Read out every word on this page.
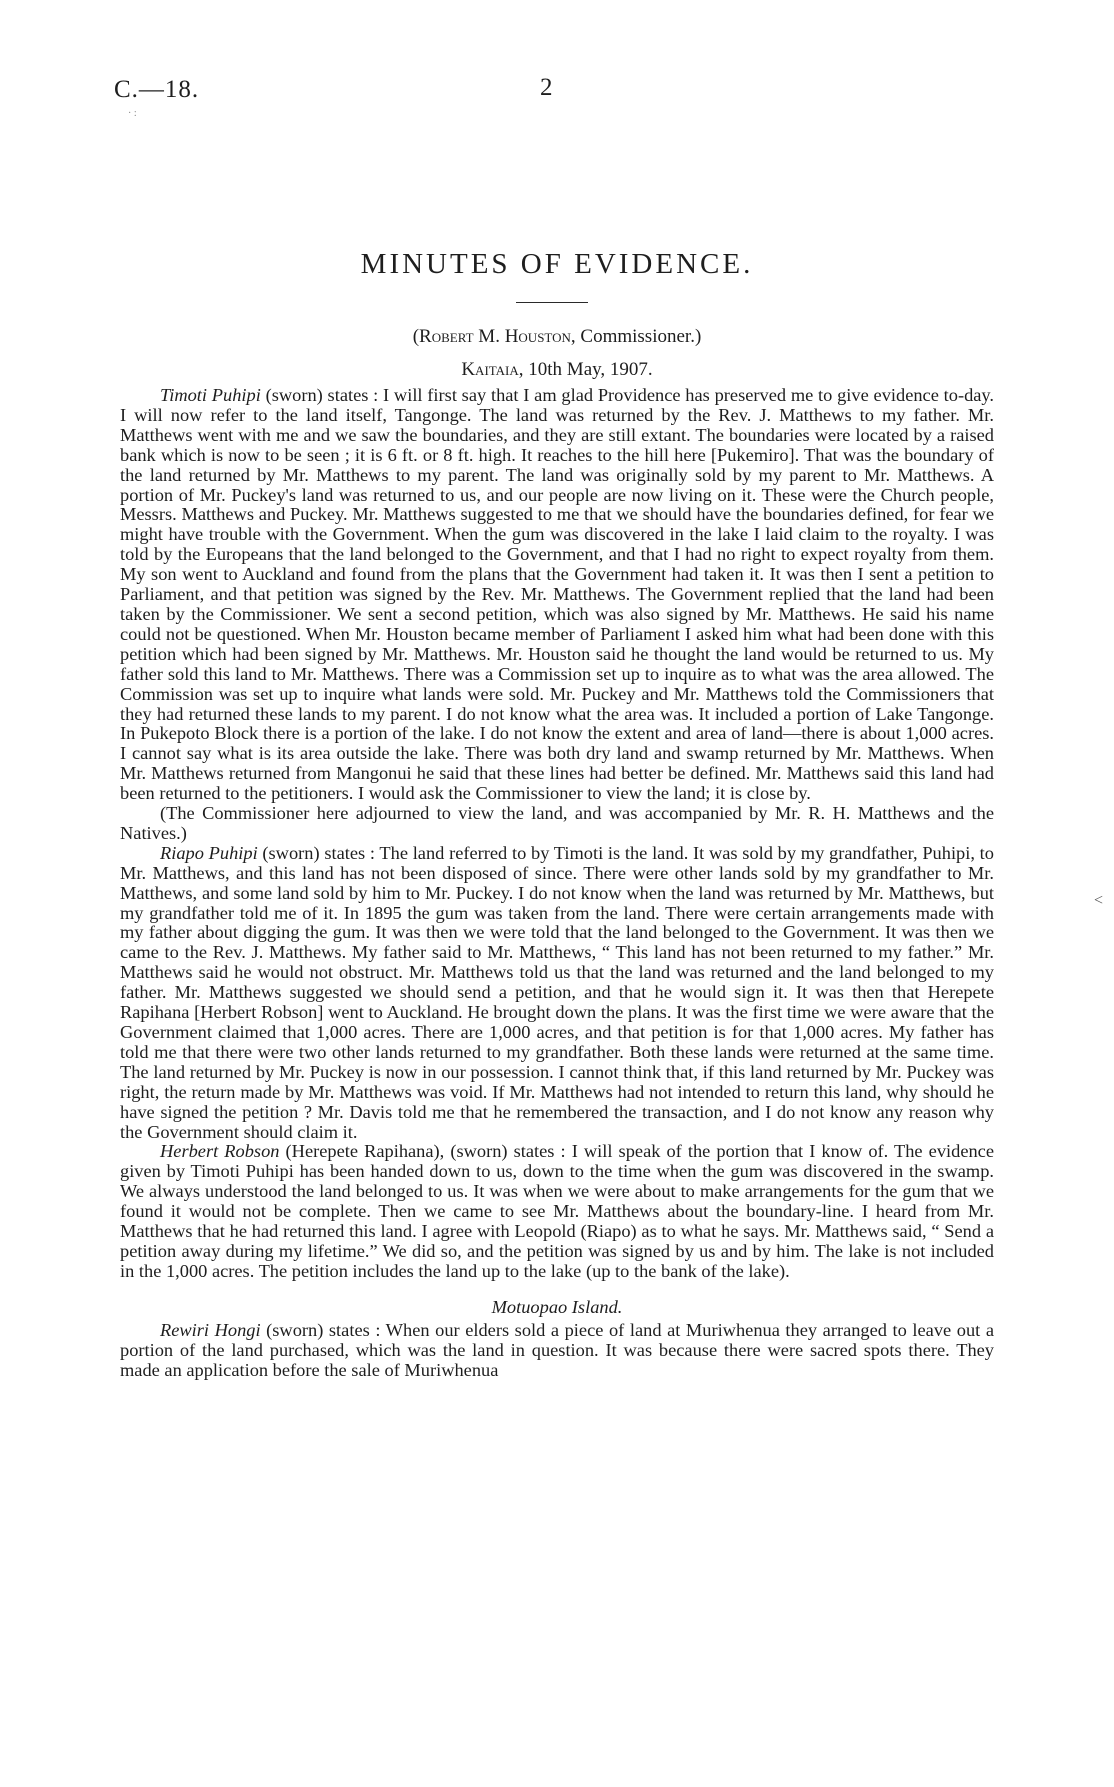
C.—18.	2
· :
MINUTES OF EVIDENCE.
(Robert M. Houston, Commissioner.)
Kaitaia, 10th May, 1907.

Timoti Puhipi (sworn) states : I will first say that I am glad Providence has preserved me to give evidence to-day. I will now refer to the land itself, Tangonge. The land was returned by the Rev. J. Matthews to my father. Mr. Matthews went with me and we saw the boundaries, and they are still extant. The boundaries were located by a raised bank which is now to be seen ; it is 6 ft. or 8 ft. high. It reaches to the hill here [Pukemiro]. That was the boundary of the land returned by Mr. Matthews to my parent. The land was originally sold by my parent to Mr. Matthews. A portion of Mr. Puckey's land was returned to us, and our people are now living on it. These were the Church people, Messrs. Matthews and Puckey. Mr. Matthews suggested to me that we should have the boundaries defined, for fear we might have trouble with the Government. When the gum was discovered in the lake I laid claim to the royalty. I was told by the Europeans that the land belonged to the Government, and that I had no right to expect royalty from them. My son went to Auckland and found from the plans that the Government had taken it. It was then I sent a petition to Parliament, and that petition was signed by the Rev. Mr. Matthews. The Government replied that the land had been taken by the Commissioner. We sent a second petition, which was also signed by Mr. Matthews. He said his name could not be questioned. When Mr. Houston became member of Parliament I asked him what had been done with this petition which had been signed by Mr. Matthews. Mr. Houston said he thought the land would be returned to us. My father sold this land to Mr. Matthews. There was a Commission set up to inquire as to what was the area allowed. The Commission was set up to inquire what lands were sold. Mr. Puckey and Mr. Matthews told the Commissioners that they had returned these lands to my parent. I do not know what the area was. It included a portion of Lake Tangonge. In Pukepoto Block there is a portion of the lake. I do not know the extent and area of land—there is about 1,000 acres. I cannot say what is its area outside the lake. There was both dry land and swamp returned by Mr. Matthews. When Mr. Matthews returned from Mangonui he said that these lines had better be defined. Mr. Matthews said this land had been returned to the petitioners. I would ask the Commissioner to view the land; it is close by.

(The Commissioner here adjourned to view the land, and was accompanied by Mr. R. H. Matthews and the Natives.)

Riapo Puhipi (sworn) states : The land referred to by Timoti is the land. It was sold by my grandfather, Puhipi, to Mr. Matthews, and this land has not been disposed of since. There were other lands sold by my grandfather to Mr. Matthews, and some land sold by him to Mr. Puckey. I do not know when the land was returned by Mr. Matthews, but my grandfather told me of it. In 1895 the gum was taken from the land. There were certain arrangements made with my father about digging the gum. It was then we were told that the land belonged to the Government. It was then we came to the Rev. J. Matthews. My father said to Mr. Matthews, “ This land has not been returned to my father.” Mr. Matthews said he would not obstruct. Mr. Matthews told us that the land was returned and the land belonged to my father. Mr. Matthews suggested we should send a petition, and that he would sign it. It was then that Herepete Rapihana [Herbert Robson] went to Auckland. He brought down the plans. It was the first time we were aware that the Government claimed that 1,000 acres. There are 1,000 acres, and that petition is for that 1,000 acres. My father has told me that there were two other lands returned to my grandfather. Both these lands were returned at the same time. The land returned by Mr. Puckey is now in our possession. I cannot think that, if this land returned by Mr. Puckey was right, the return made by Mr. Matthews was void. If Mr. Matthews had not intended to return this land, why should he have signed the petition ? Mr. Davis told me that he remembered the transaction, and I do not know any reason why the Government should claim it.

Herbert Robson (Herepete Rapihana), (sworn) states : I will speak of the portion that I know of. The evidence given by Timoti Puhipi has been handed down to us, down to the time when the gum was discovered in the swamp. We always understood the land belonged to us. It was when we were about to make arrangements for the gum that we found it would not be complete. Then we came to see Mr. Matthews about the boundary-line. I heard from Mr. Matthews that he had returned this land. I agree with Leopold (Riapo) as to what he says. Mr. Matthews said, “ Send a petition away during my lifetime.” We did so, and the petition was signed by us and by him. The lake is not included in the 1,000 acres. The petition includes the land up to the lake (up to the bank of the lake).

Motuopao Island.

Rewiri Hongi (sworn) states : When our elders sold a piece of land at Muriwhenua they arranged to leave out a portion of the land purchased, which was the land in question. It was because there were sacred spots there. They made an application before the sale of Muriwhenua

˂
